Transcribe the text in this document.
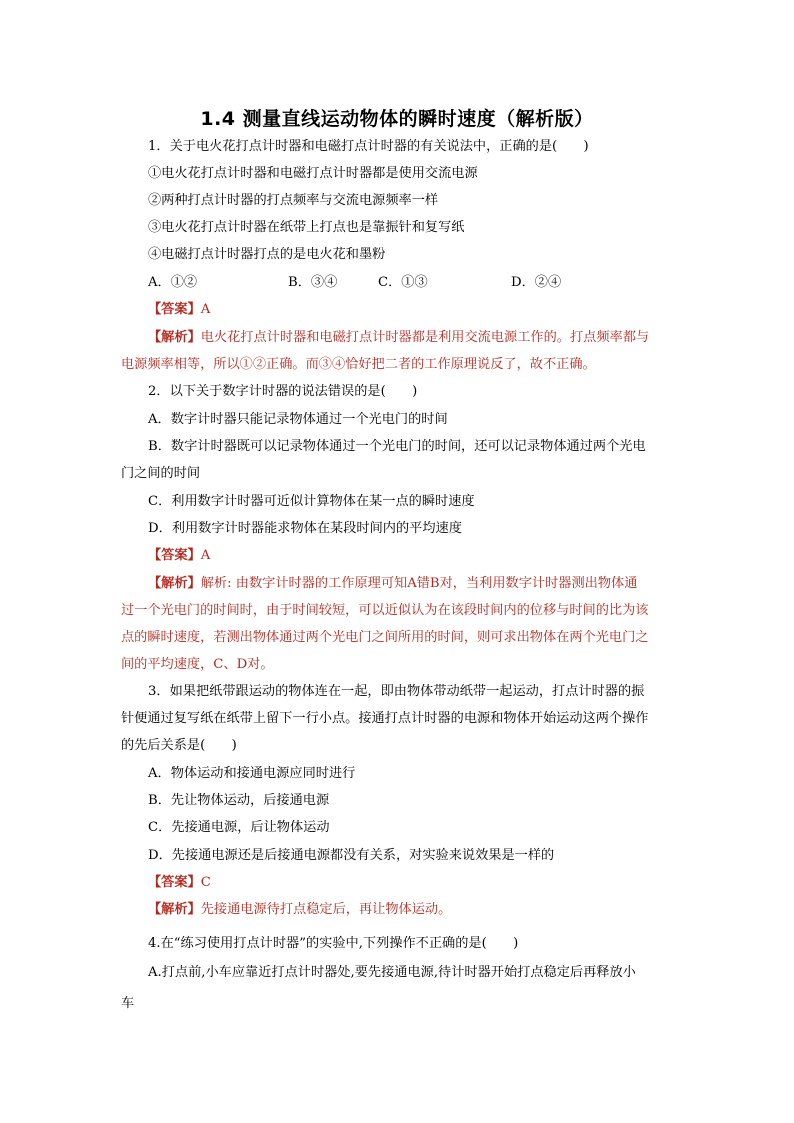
1.4 测量直线运动物体的瞬时速度（解析版）
1．关于电火花打点计时器和电磁打点计时器的有关说法中，正确的是(　　)
①电火花打点计时器和电磁打点计时器都是使用交流电源
②两种打点计时器的打点频率与交流电源频率一样
③电火花打点计时器在纸带上打点也是靠振针和复写纸
④电磁打点计时器打点的是电火花和墨粉
A．①②	B．③④	C．①③	D．②④
【答案】A
【解析】电火花打点计时器和电磁打点计时器都是利用交流电源工作的。打点频率都与
电源频率相等，所以①②正确。而③④恰好把二者的工作原理说反了，故不正确。
2．以下关于数字计时器的说法错误的是(　　)
A．数字计时器只能记录物体通过一个光电门的时间
B．数字计时器既可以记录物体通过一个光电门的时间，还可以记录物体通过两个光电
门之间的时间
C．利用数字计时器可近似计算物体在某一点的瞬时速度
D．利用数字计时器能求物体在某段时间内的平均速度
【答案】A
【解析】解析: 由数字计时器的工作原理可知A错B对，当利用数字计时器测出物体通
过一个光电门的时间时，由于时间较短，可以近似认为在该段时间内的位移与时间的比为该
点的瞬时速度，若测出物体通过两个光电门之间所用的时间，则可求出物体在两个光电门之
间的平均速度，C、D对。
3．如果把纸带跟运动的物体连在一起，即由物体带动纸带一起运动，打点计时器的振
针便通过复写纸在纸带上留下一行小点。接通打点计时器的电源和物体开始运动这两个操作
的先后关系是(　　)
A．物体运动和接通电源应同时进行
B．先让物体运动，后接通电源
C．先接通电源，后让物体运动
D．先接通电源还是后接通电源都没有关系，对实验来说效果是一样的
【答案】C
【解析】先接通电源待打点稳定后，再让物体运动。
4.在“练习使用打点计时器”的实验中,下列操作不正确的是(　　)
A.打点前,小车应靠近打点计时器处,要先接通电源,待计时器开始打点稳定后再释放小
车
